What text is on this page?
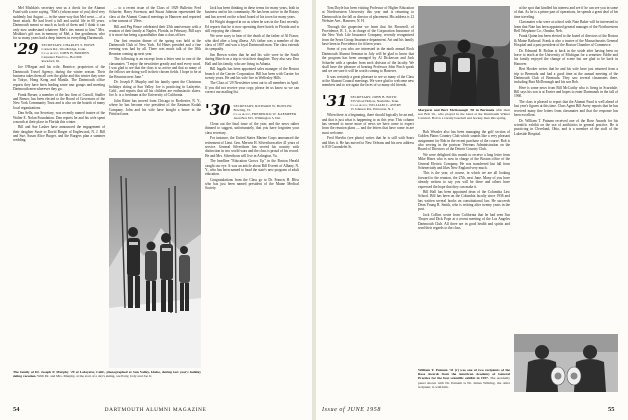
Mel Mishkin's secretary sent us a check for the Alumni Fund with a note saying, "Mel's (whom none of you) died very suddenly last August — in the same way that Mel went — of a heart attack. He had lived a full and useful life in 60 years. Dartmouth meant so much as both of them and I think it can only now understand whatever Mel's ties meant to him." Mrs. Mishkin's gift was in memory of Mel, a fine gentleman, who for so many years had a deep interest in everything Dartmouth.

'29 SECRETARY, CHARLES S. HOWE
Corners Rd., Woodbridge, Conn.
Class Agent, JOHN H. BORDEN
Carpenter Fund Co., Box 966
Rockford, Ill.

Joe O'Regan and his wife, Beatrice, proprietors of the Dartmouth Travel Agency, during the winter season. Their business takes them all over the globe and this winter they were in Tokyo, Hong Kong and Manila. The Dartmouth office reports they have been leading some tour groups and meeting Dartmouth men wherever they go.

Frank Breuer, a member of the law firm of Carroll, Stadler and Breuer, has been elected to the Board of Governors of the New York Community Trust and is also on the boards of many local organizations.

Dan Sella, our Secretary, was recently named trustee of the Walter E. Nolan Foundation. Dan reports he and his wife spent a month at their place in Florida this winter.

Bill and Sue Lasher have announced the engagement of their daughter Susie to David Burger of Englewood, N. J. Bill and Sue, Susan Alice Burger, and the Burgers plan a summer wedding.

... to a recent issue of the Class of 1929 Bulletin: Fred Schaefer, Harry Swenson, and Stuart Johnson represented the class at the Alumni Council meetings in Hanover and reported a fine turnout of '29ers.

Bill and Peg Bruce celebrated their 25th anniversary with a reunion of their family at Naples, Florida, in February. Bill says it is more fun being a grandfather than a class officer.

Our first reunion dinner of the spring was held at the Dartmouth Club of New York. Ed Hines presided and a fine evening was had by all. There was much talk of the 30th Reunion coming up next year.

The following is an excerpt from a letter sent to one of the classmates: "I enjoy the newsletter greatly and read every word. I was glad to see that the class is so active and that so many of the fellows are doing well in their chosen fields. I hope to be at the Reunion next June."

Dr. Joseph P. Murphy and his family spent the Christmas holidays skiing at Sun Valley. Joe is practicing in Lafayette, Calif., and reports that all his children are enthusiastic skiers. Joe Jr. is a freshman at the University of California.

John Ritter has moved from Chicago to Rochester, N. Y., where he has become vice president of the Eastman Kodak Company. John and his wife have bought a home in the Pittsford area.

Jack has been thinking in these terms for many years, both in business and in his community. He has been active in the Rotary and has served on the school board of his town for many years.

Ed Wright dropped in on us when he was in the East recently. Ed reports that he is now operating three hotels in Florida and is still enjoying the climate.

We were sorry to hear of the death of the father of Al Fraser, who died after a long illness. Al's father was a member of the class of 1897 and was a loyal Dartmouth man. The class extends its sympathy.

Jim Brown writes that he and his wife were in the South during March on a trip to visit their daughter. They also saw Don Hall and his family, who are living in Atlanta.

Bill Ingalls has been appointed sales manager of the Boston branch of the Carrier Corporation. Bill has been with Carrier for twenty years. He and his wife live in Wellesley Hills.

The Class of '29 Newsletter went out to all members in April. If you did not receive your copy, please let us know so we can correct our mailing list.

'30 SECRETARY, RICHARD W. BOWLER
Bowling, Vt.
Class Agent, FREDERICK W. KAEMPFER
Aven Box 815, Wilmington 3, Del.

Clean out the final issue of the year, and the news rather thinned to suggest, unfortunately, that you have forgotten your class secretary.

For instance, the United States Marine Corps announced the retirement of Lieut. Gen. Merwin H. Silverthorn after 41 years of service. General Silverthorn has served his country with distinction in two world wars and the class is proud of his record. He and Mrs. Silverthorn will live in Arlington, Va.

The headline "Education Grows Up" in the Boston Herald caught our eye. It was an article about Bill Everett of Albany, N. Y., who has been named to head the state's new program of adult education.

Congratulations from the Class go to Dr. Francis H. Bliss who has just been named president of the Maine Medical Society.

The family of Dr. Joseph P. Murphy '29 of Lafayette, Calif., photographed at Sun Valley, Idaho, during last year's holiday skiing vacation. With Dr. and Mrs. Murphy, at the start of a day's skiing, are Patty, Jody and Joe Jr.
54	DARTMOUTH ALUMNI MAGAZINE

Tom Doyle has been visiting Professor of Higher Education at Northwestern University this year and is returning to Dartmouth in the fall as director of placement. His address is 12 Webster Ave., Hanover, N. H.

Through the grapevine we learn that Art Brownell, of Providence, R. I., is in charge of the Corporation Insurance of the New York Life Insurance Company, recently reorganized from the Sears Group Insurance department. Art and his family have been in Providence for fifteen years.

Some of you who are interested in the ninth annual Rock Dartmouth Alumni Seminar in July will be glad to know that the program has been arranged by Al Dickerson and Jack Schaefer with a speaker from each division of the faculty. We shall have the pleasure of hearing Professor John Finch speak and we are sure it will be worth coming to Hanover.

It was certainly a great pleasure to see so many of the Class at the Alumni Council meetings. We were glad to welcome new members and to see again the faces of so many old friends.

'31 SECRETARY, JOHN B. BOYD
333 Wood Hollow, Nashville, Tenn.
Class Agent, WILLIAM C. AVERY
15 Johnson Rd., Princeton, N. J.

When there is a beginning, there should logically be an end, and that is just what is happening to us this year. This column has seemed to move more of news we have come to expect from the reunion plans — and the letters that have come in are most welcome.

Fred Shevlin (see photo) writes that he is still with Sears and likes it. He has moved to New Orleans and his new address is 810 Carondelet St.

Margaret and Burt McDonough '30 in Bermuda with their son Bob '61, who played in the band at the Dartmouth Winter Carnival. Bob is a varsity baseball and hockey man this spring.

Bob Weasler also has been managing the golf section of Golden Plains Country Club which sounds like a very pleasant assignment for Bob in the recent purchase of the course. Bob is also serving in the postwar Veterans Administration on the Board of Directors of the Detroit Country Club.

We were delighted this month to receive a long letter from Mike Hines who is now in charge of the Boston office of the General Electric Company. He was transferred last fall from Schenectady and likes New England very much.

This is the year, of course, in which we are all looking forward to the reunion, the 27th, next June. Many of you have already written to say you will be there and others have expressed the hope that they can make it.

Bill Hall has been appointed dean of the Columbia Law School. Bill has been on the Columbia faculty since 1936 and has written several books on constitutional law. He succeeds Dean Young B. Smith, who is retiring after twenty years in the post.

Jack Collins wrote from California that he had seen Jim Thayer and Dick Pope at a recent meeting of the Los Angeles Dartmouth Club. All three are in good health and spirits and send their regards to the class.

at the spot that kindled his interest and see if he can see you in some of that. As he is a prime part of operations, he spends a great deal of his time traveling.

Classmates who were at school with Nate Baker will be interested to learn that Nate has been appointed general manager of the Northwestern Bell Telephone Co., Omaha, Neb.

Frank Quinn has been elected to the board of directors of the Boston & Maine Railroad. Frank is also a trustee of the Massachusetts General Hospital and a past president of the Boston Chamber of Commerce.

Dr. Edmond B. Bolton is back in the stride after having been on leave to teach at the University of Michigan for a semester. Eddie and his family enjoyed the change of scene but are glad to be back in Hanover.

Bert Hooker writes that he and his wife have just returned from a trip to Bermuda and had a good time at the annual meeting of the Dartmouth Club of Bermuda. They saw several classmates there, including Burt McDonough and his son Bob.

Here is some news from Bill McCarthy who is living in Scarsdale. Bill says his son is at Exeter and hopes to enter Dartmouth in the fall of 1960.

The class is pleased to report that the Alumni Fund is well ahead of last year's figures at this time. Class Agent Bill Avery reports that he has received many fine letters from classmates and that the response has been excellent.

Dr. William T. Putnam received one of the Rose Awards for his scientific exhibit on the use of antibiotics in general practice. He is practicing in Cleveland, Ohio, and is a member of the staff of the Lakeside Hospital.

William T. Putnam '31 (r) was one of two recipients of the Rose Awards from the American Academy of General Practice for the best scientific exhibit in 1957. The Academy panel shown with Dr. Putnam is Dr. James Whiting, the other recipient, is with him.
Issue of JUNE 1958	55
